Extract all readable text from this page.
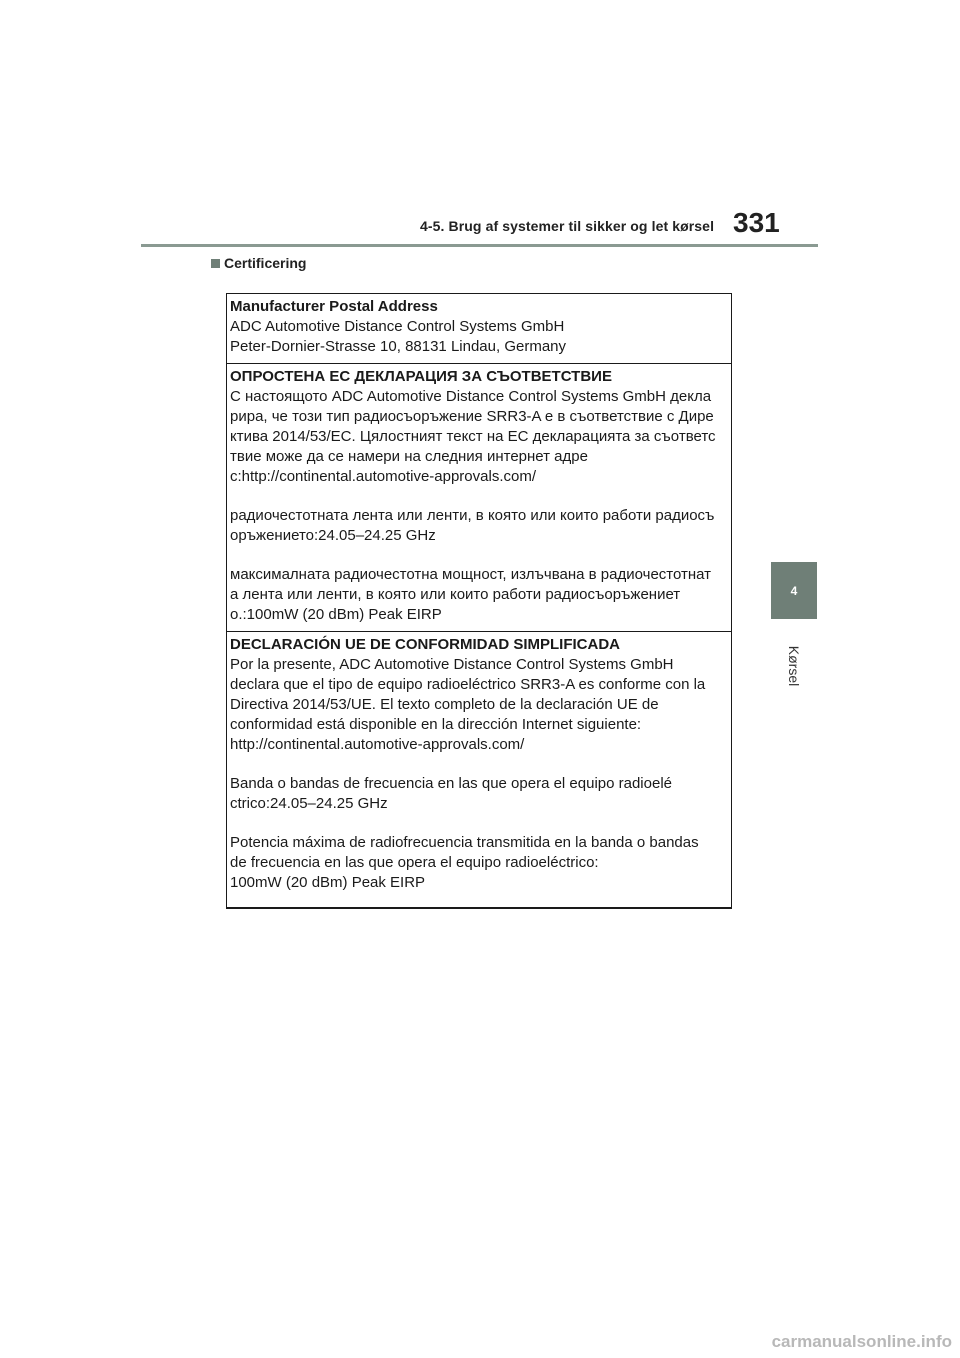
4-5. Brug af systemer til sikker og let kørsel 331
Certificering
4
Kørsel
Manufacturer Postal Address
ADC Automotive Distance Control Systems GmbH
Peter-Dornier-Strasse 10, 88131 Lindau, Germany
ОПРОСТЕНА ЕС ДЕКЛАРАЦИЯ ЗА СЪОТВЕТСТВИЕ
С настоящото ADC Automotive Distance Control Systems GmbH декла
рира, че този тип радиосъоръжение SRR3-A е в съответствие с Дире
ктива 2014/53/ЕС. Цялостният текст на ЕС декларацията за съответс
твие може да се намери на следния интернет адре
с:http://continental.automotive-approvals.com/
радиочестотната лента или ленти, в която или които работи радиосъ
оръжението:24.05–24.25 GHz
максималната радиочестотна мощност, излъчвана в радиочестотнат
а лента или ленти, в която или които работи радиосъоръжениет
о.:100mW (20 dBm) Peak EIRP
DECLARACIÓN UE DE CONFORMIDAD SIMPLIFICADA
Por la presente, ADC Automotive Distance Control Systems GmbH
declara que el tipo de equipo radioeléctrico SRR3-A es conforme con la
Directiva 2014/53/UE. El texto completo de la declaración UE de
conformidad está disponible en la dirección Internet siguiente:
http://continental.automotive-approvals.com/
Banda o bandas de frecuencia en las que opera el equipo radioelé
ctrico:24.05–24.25 GHz
Potencia máxima de radiofrecuencia transmitida en la banda o bandas
de frecuencia en las que opera el equipo radioeléctrico:
100mW (20 dBm) Peak EIRP
carmanualsonline.info
